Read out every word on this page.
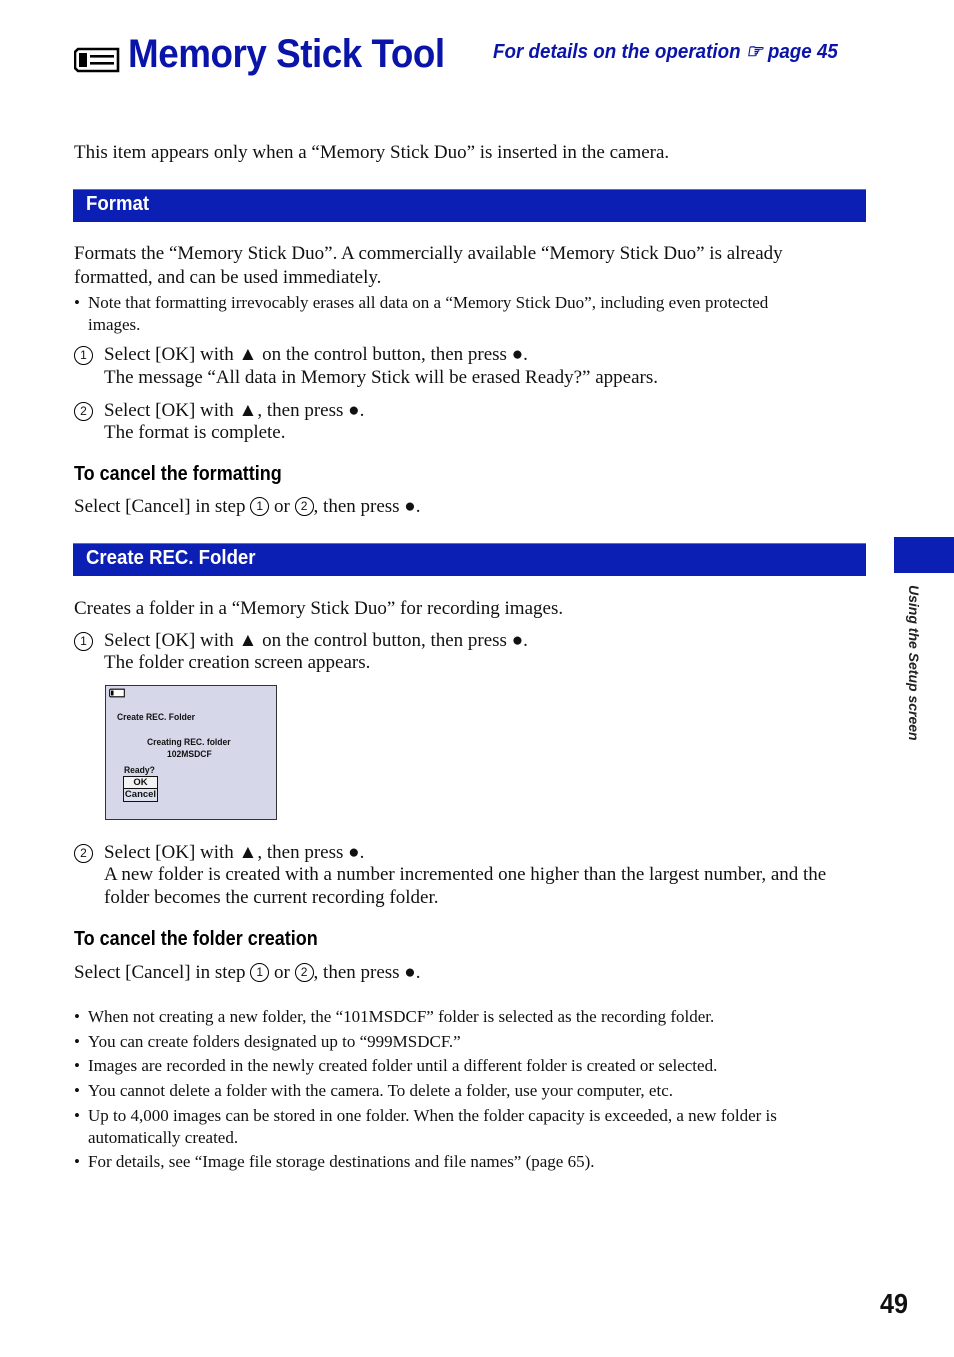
Memory Stick Tool For details on the operation ☞ page 45
This item appears only when a “Memory Stick Duo” is inserted in the camera.
Format
Formats the “Memory Stick Duo”. A commercially available “Memory Stick Duo” is already
formatted, and can be used immediately.
• Note that formatting irrevocably erases all data on a “Memory Stick Duo”, including even protected
images.
1 Select [OK] with ▲ on the control button, then press ●.
The message “All data in Memory Stick will be erased Ready?” appears.
2 Select [OK] with ▲, then press ●.
The format is complete.
To cancel the formatting
Select [Cancel] in step 1 or 2 , then press ●.
Create REC. Folder
Creates a folder in a “Memory Stick Duo” for recording images.
1 Select [OK] with ▲ on the control button, then press ●.
The folder creation screen appears.
Create REC. Folder
Creating REC. folder
102MSDCF
Ready?
OK
Cancel
2 Select [OK] with ▲, then press ●.
A new folder is created with a number incremented one higher than the largest number, and the
folder becomes the current recording folder.
To cancel the folder creation
Select [Cancel] in step 1 or 2 , then press ●.
• When not creating a new folder, the “101MSDCF” folder is selected as the recording folder.
• You can create folders designated up to “999MSDCF.”
• Images are recorded in the newly created folder until a different folder is created or selected.
• You cannot delete a folder with the camera. To delete a folder, use your computer, etc.
• Up to 4,000 images can be stored in one folder. When the folder capacity is exceeded, a new folder is
automatically created.
• For details, see “Image file storage destinations and file names” (page 65).
Using the Setup screen
49
